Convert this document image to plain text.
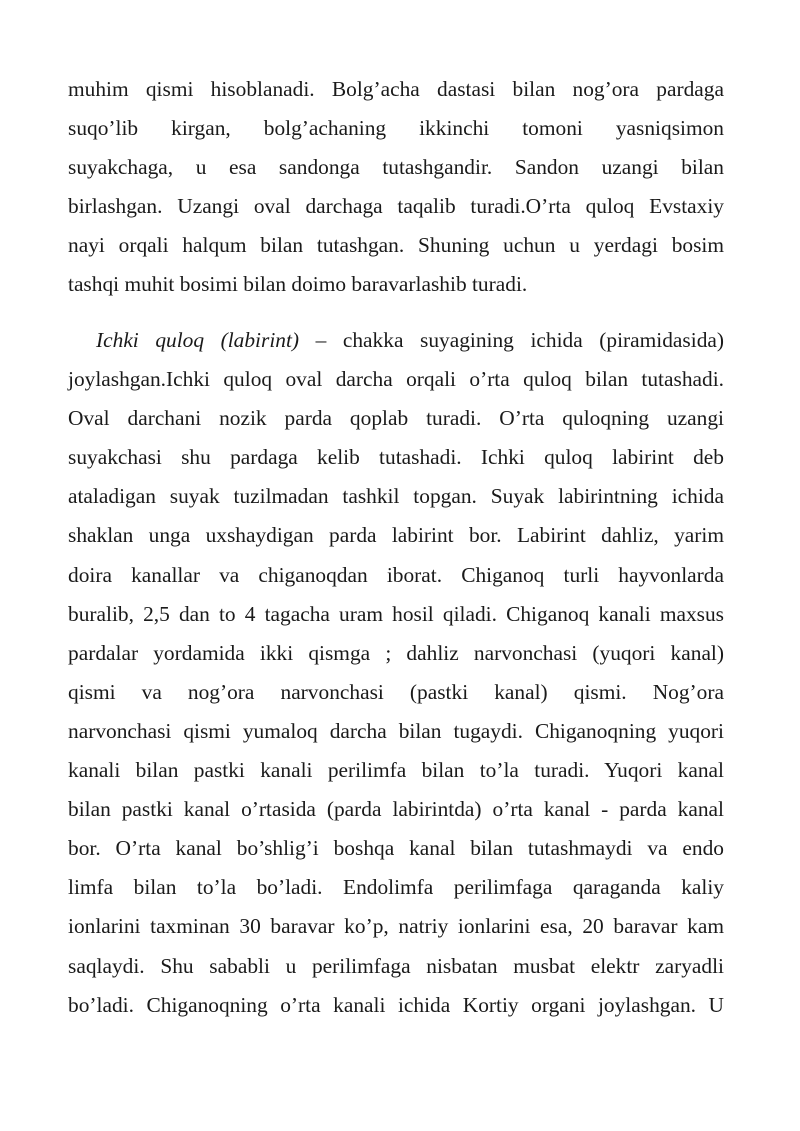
muhim qismi hisoblanadi. Bolg’acha dastasi bilan nog’ora pardaga
suqo’lib kirgan, bolg’achaning ikkinchi tomoni yasniqsimon
suyakchaga, u esa sandonga tutashgandir. Sandon uzangi bilan
birlashgan. Uzangi oval darchaga taqalib turadi.O’rta quloq Evstaxiy
nayi orqali halqum bilan tutashgan. Shuning uchun u yerdagi bosim
tashqi muhit bosimi bilan doimo baravarlashib turadi.
Ichki quloq (labirint) – chakka suyagining ichida (piramidasida)
joylashgan.Ichki quloq oval darcha orqali o’rta quloq bilan tutashadi.
Oval darchani nozik parda qoplab turadi. O’rta quloqning uzangi
suyakchasi shu pardaga kelib tutashadi. Ichki quloq labirint deb
ataladigan suyak tuzilmadan tashkil topgan. Suyak labirintning ichida
shaklan unga uxshaydigan parda labirint bor. Labirint dahliz, yarim
doira kanallar va chiganoqdan iborat. Chiganoq turli hayvonlarda
buralib, 2,5 dan to 4 tagacha uram hosil qiladi. Chiganoq kanali maxsus
pardalar yordamida ikki qismga ; dahliz narvonchasi (yuqori kanal)
qismi va nog’ora narvonchasi (pastki kanal) qismi. Nog’ora
narvonchasi qismi yumaloq darcha bilan tugaydi. Chiganoqning yuqori
kanali bilan pastki kanali perilimfa bilan to’la turadi. Yuqori kanal
bilan pastki kanal o’rtasida (parda labirintda) o’rta kanal - parda kanal
bor. O’rta kanal bo’shlig’i boshqa kanal bilan tutashmaydi va endo
limfa bilan to’la bo’ladi. Endolimfa perilimfaga qaraganda kaliy
ionlarini taxminan 30 baravar ko’p, natriy ionlarini esa, 20 baravar kam
saqlaydi. Shu sababli u perilimfaga nisbatan musbat elektr zaryadli
bo’ladi. Chiganoqning o’rta kanali ichida Kortiy organi joylashgan. U
